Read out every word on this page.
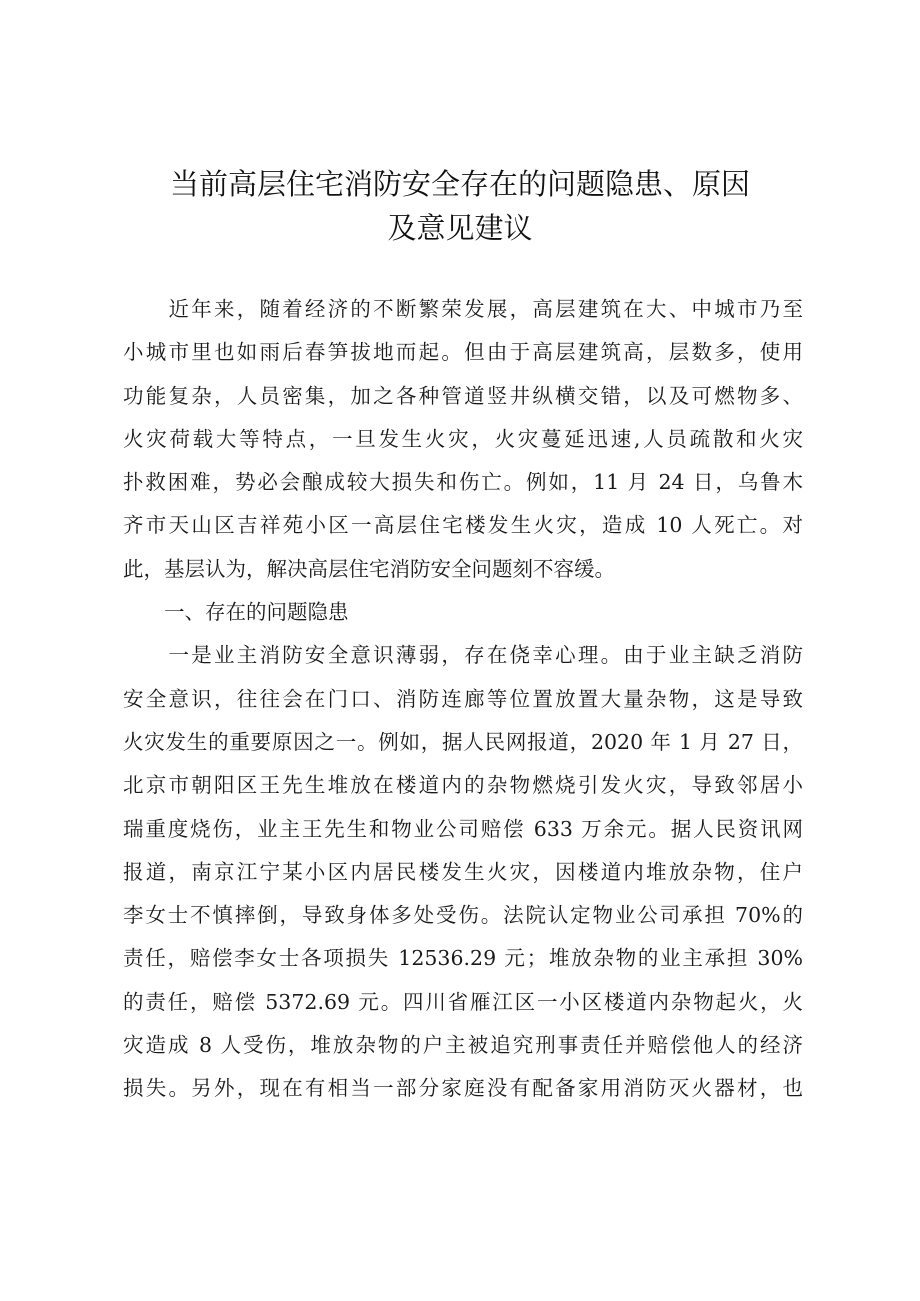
当前高层住宅消防安全存在的问题隐患、原因
及意见建议
　　近年来，随着经济的不断繁荣发展，高层建筑在大、中城市乃至
小城市里也如雨后春笋拔地而起。但由于高层建筑高，层数多，使用
功能复杂，人员密集，加之各种管道竖井纵横交错，以及可燃物多、
火灾荷载大等特点，一旦发生火灾，火灾蔓延迅速,人员疏散和火灾
扑救困难，势必会酿成较大损失和伤亡。例如，11 月 24 日，乌鲁木
齐市天山区吉祥苑小区一高层住宅楼发生火灾，造成 10 人死亡。对
此，基层认为，解决高层住宅消防安全问题刻不容缓。
　　一、存在的问题隐患
　　一是业主消防安全意识薄弱，存在侥幸心理。由于业主缺乏消防
安全意识，往往会在门口、消防连廊等位置放置大量杂物，这是导致
火灾发生的重要原因之一。例如，据人民网报道，2020 年 1 月 27 日，
北京市朝阳区王先生堆放在楼道内的杂物燃烧引发火灾，导致邻居小
瑞重度烧伤，业主王先生和物业公司赔偿 633 万余元。据人民资讯网
报道，南京江宁某小区内居民楼发生火灾，因楼道内堆放杂物，住户
李女士不慎摔倒，导致身体多处受伤。法院认定物业公司承担 70%的
责任，赔偿李女士各项损失 12536.29 元；堆放杂物的业主承担 30%
的责任，赔偿 5372.69 元。四川省雁江区一小区楼道内杂物起火，火
灾造成 8 人受伤，堆放杂物的户主被追究刑事责任并赔偿他人的经济
损失。另外，现在有相当一部分家庭没有配备家用消防灭火器材，也
